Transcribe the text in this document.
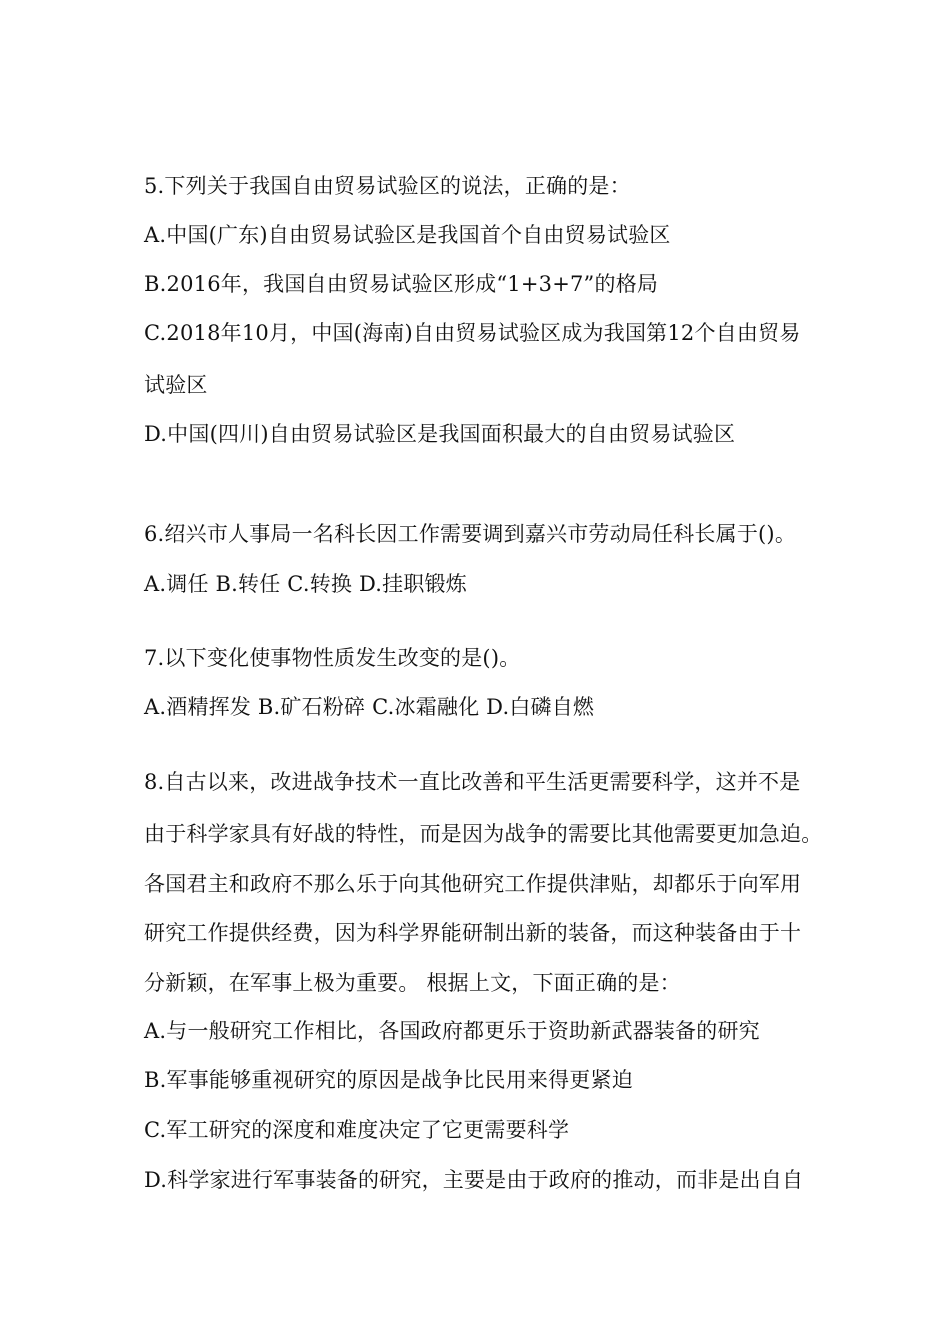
5.下列关于我国自由贸易试验区的说法，正确的是：
A.中国(广东)自由贸易试验区是我国首个自由贸易试验区
B.2016年，我国自由贸易试验区形成“1+3+7”的格局
C.2018年10月，中国(海南)自由贸易试验区成为我国第12个自由贸易
试验区
D.中国(四川)自由贸易试验区是我国面积最大的自由贸易试验区
6.绍兴市人事局一名科长因工作需要调到嘉兴市劳动局任科长属于()。
A.调任 B.转任 C.转换 D.挂职锻炼
7.以下变化使事物性质发生改变的是()。
A.酒精挥发 B.矿石粉碎 C.冰霜融化 D.白磷自燃
8.自古以来，改进战争技术一直比改善和平生活更需要科学，这并不是
由于科学家具有好战的特性，而是因为战争的需要比其他需要更加急迫。
各国君主和政府不那么乐于向其他研究工作提供津贴，却都乐于向军用
研究工作提供经费，因为科学界能研制出新的装备，而这种装备由于十
分新颖，在军事上极为重要。 根据上文，下面正确的是：
A.与一般研究工作相比，各国政府都更乐于资助新武器装备的研究
B.军事能够重视研究的原因是战争比民用来得更紧迫
C.军工研究的深度和难度决定了它更需要科学
D.科学家进行军事装备的研究，主要是由于政府的推动，而非是出自自
